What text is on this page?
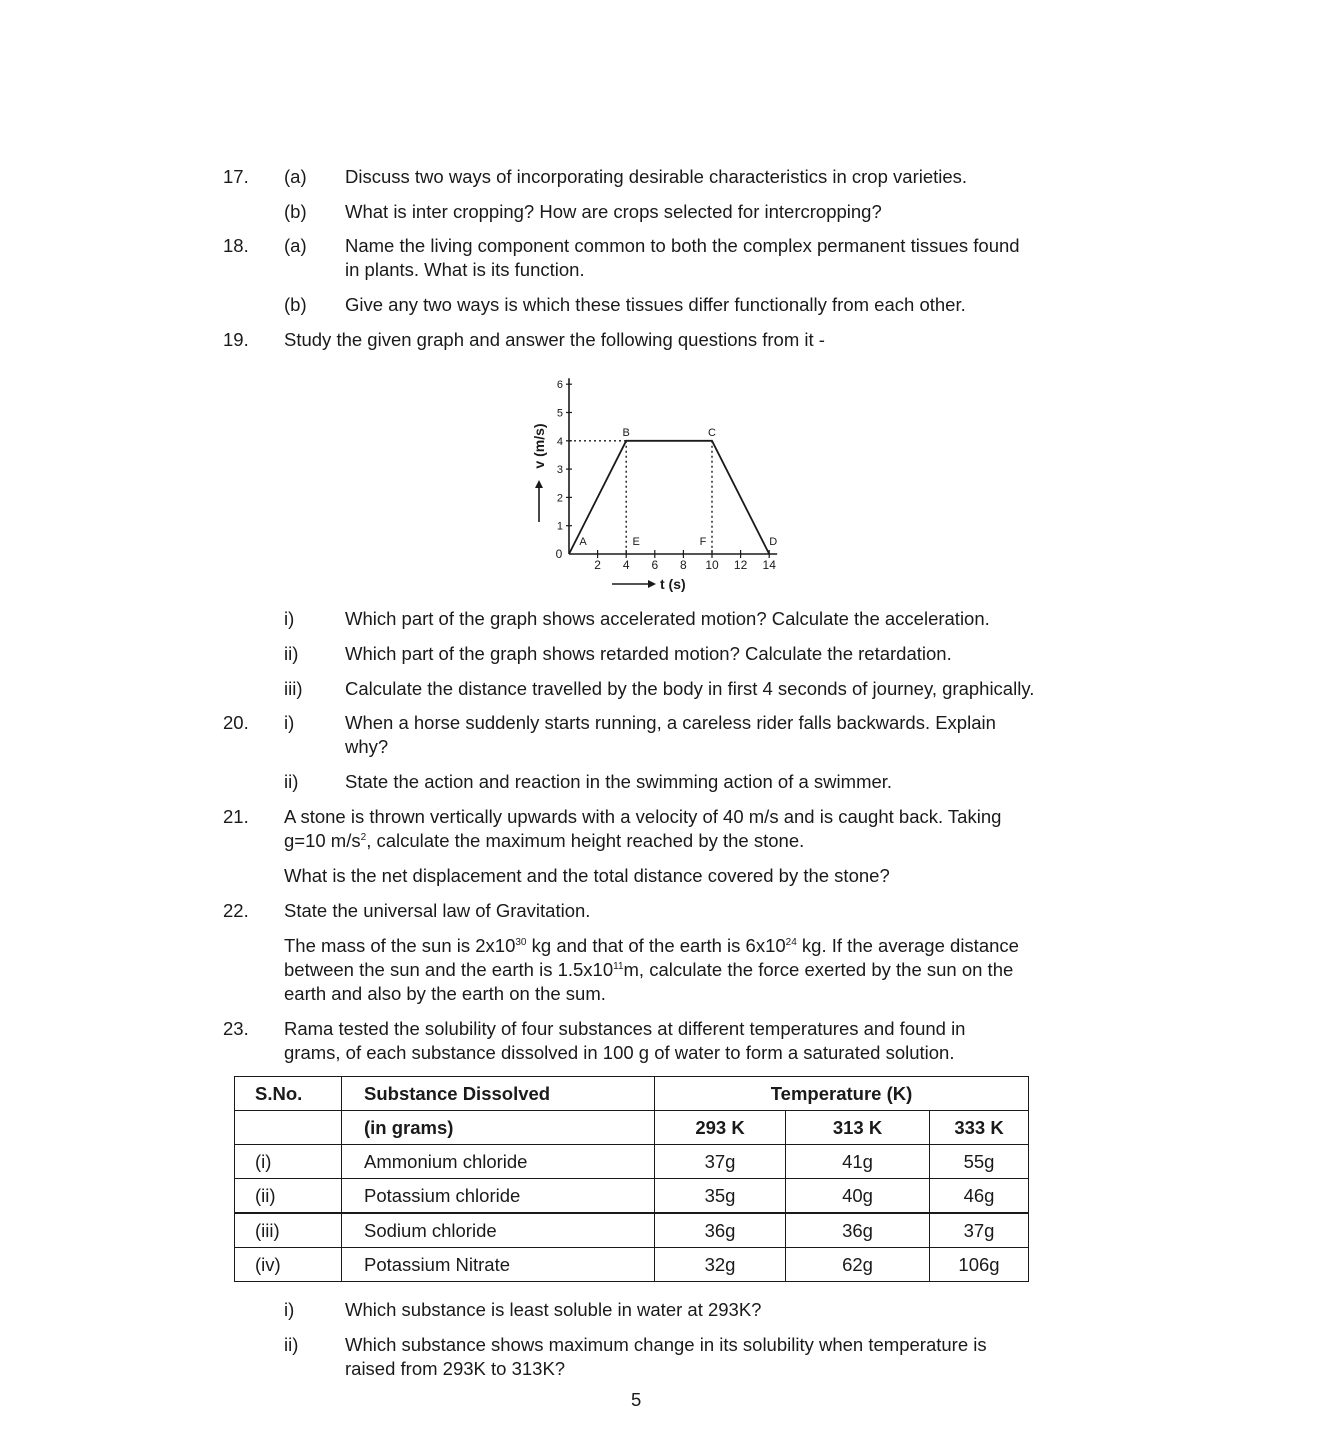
17. (a) Discuss two ways of incorporating desirable characteristics in crop varieties.
(b) What is inter cropping? How are crops selected for intercropping?
18. (a) Name the living component common to both the complex permanent tissues found
in plants. What is its function.
(b) Give any two ways is which these tissues differ functionally from each other.
19. Study the given graph and answer the following questions from it -
0
1
2
3
4
5
6
2 4 6 8 10 12 14
A
B	C
D
E	F
t (s)
v (m/s)
i)	Which part of the graph shows accelerated motion? Calculate the acceleration.
ii)	Which part of the graph shows retarded motion? Calculate the retardation.
iii) Calculate the distance travelled by the body in first 4 seconds of journey, graphically.
20. i)	When a horse suddenly starts running, a careless rider falls backwards. Explain
why?
ii)	State the action and reaction in the swimming action of a swimmer.
21. A stone is thrown vertically upwards with a velocity of 40 m/s and is caught back. Taking
g=10 $m/s^2$, calculate the maximum height reached by the stone.
What is the net displacement and the total distance covered by the stone?
22. State the universal law of Gravitation.
The mass of the sun is $2x10^{30}$ kg and that of the earth is $6x10^{24}$ kg. If the average distance
between the sun and the earth is $1.5x10^{11}m$, calculate the force exerted by the sun on the
earth and also by the earth on the sum.
23. Rama tested the solubility of four substances at different temperatures and found in
grams, of each substance dissolved in 100 g of water to form a saturated solution.
S.No.	Substance Dissolved	Temperature (K)		
	(in grams)	293 K	313 K	333 K
(i)	Ammonium chloride	37g	41g	55g
(ii)	Potassium chloride	35g	40g	46g
(iii)	Sodium chloride	36g	36g	37g
(iv)	Potassium Nitrate	32g	62g	106g
i)	Which substance is least soluble in water at 293K?
ii)	Which substance shows maximum change in its solubility when temperature is
raised from 293K to 313K?
5
